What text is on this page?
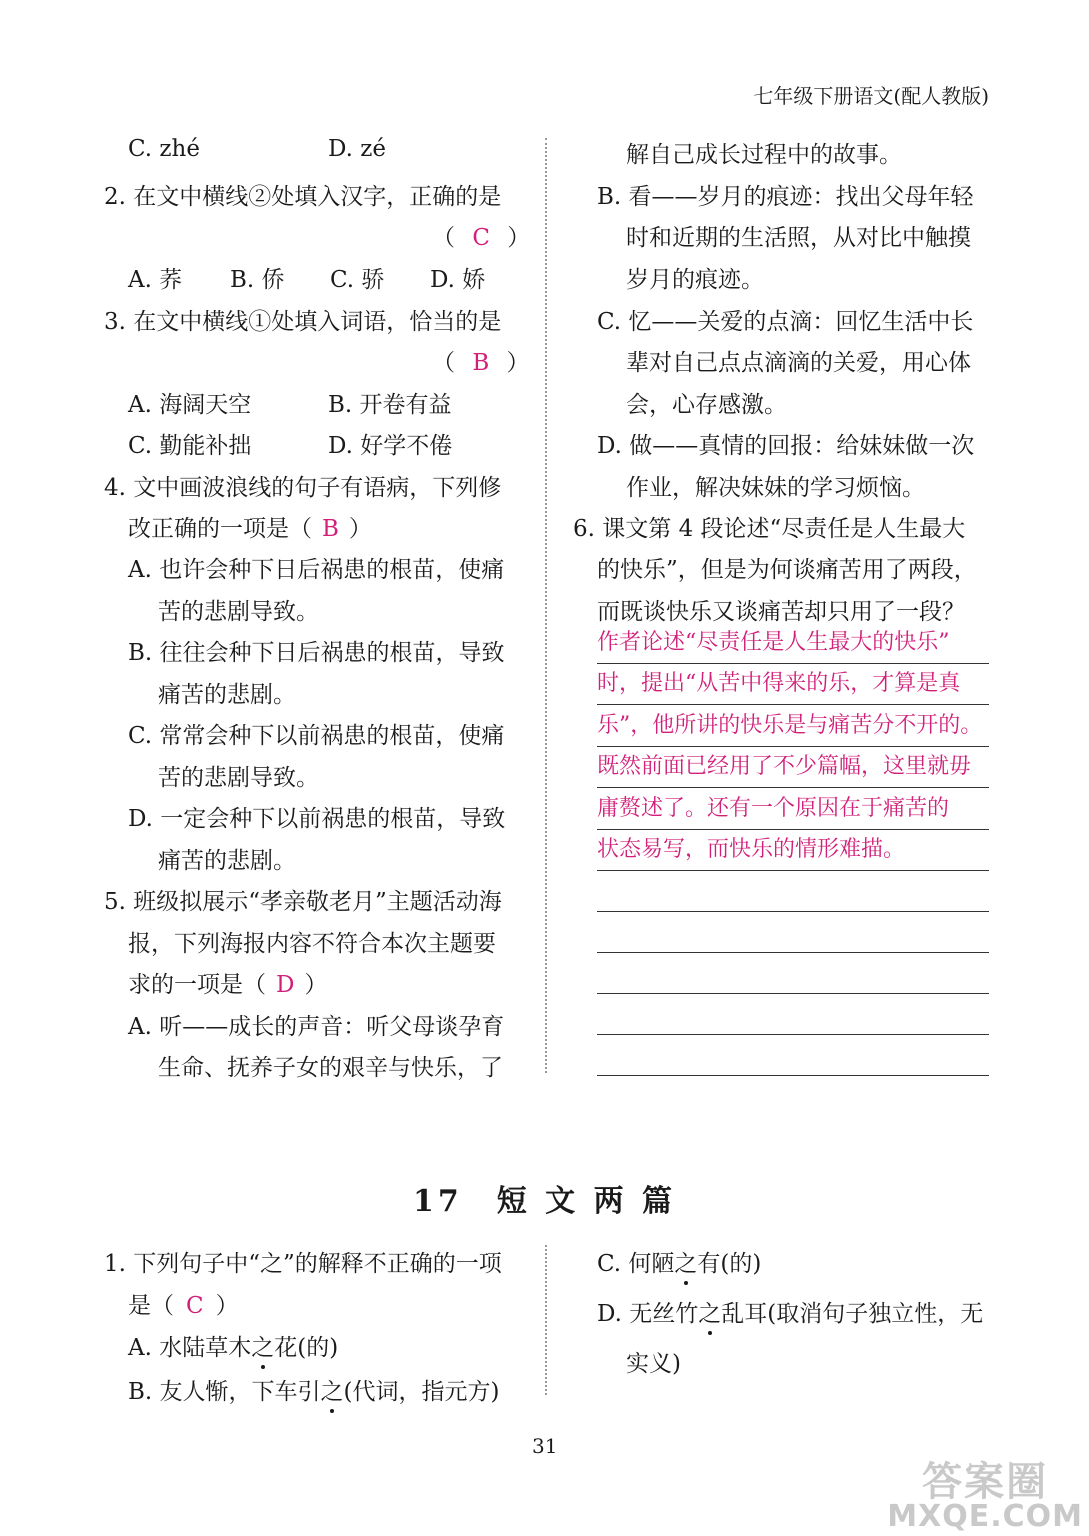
七年级下册语文(配人教版)
C. zhé	D. zé
2. 在文中横线②处填入汉字，正确的是
（ C ）
A. 荞 B. 侨 C. 骄 D. 娇
3. 在文中横线①处填入词语，恰当的是
（ B ）
A. 海阔天空	B. 开卷有益
C. 勤能补拙	D. 好学不倦
4. 文中画波浪线的句子有语病，下列修
改正确的一项是（ B ）
A. 也许会种下日后祸患的根苗，使痛
苦的悲剧导致。
B. 往往会种下日后祸患的根苗，导致
痛苦的悲剧。
C. 常常会种下以前祸患的根苗，使痛
苦的悲剧导致。
D. 一定会种下以前祸患的根苗，导致
痛苦的悲剧。
5. 班级拟展示“孝亲敬老月”主题活动海
报，下列海报内容不符合本次主题要
求的一项是（ D ）
A. 听——成长的声音：听父母谈孕育
生命、抚养子女的艰辛与快乐，了
解自己成长过程中的故事。
B. 看——岁月的痕迹：找出父母年轻
时和近期的生活照，从对比中触摸
岁月的痕迹。
C. 忆——关爱的点滴：回忆生活中长
辈对自己点点滴滴的关爱，用心体
会，心存感激。
D. 做——真情的回报：给妹妹做一次
作业，解决妹妹的学习烦恼。
6. 课文第 4 段论述“尽责任是人生最大
的快乐”，但是为何谈痛苦用了两段，
而既谈快乐又谈痛苦却只用了一段？
作者论述“尽责任是人生最大的快乐”
时，提出“从苦中得来的乐，才算是真
乐”，他所讲的快乐是与痛苦分不开的。
既然前面已经用了不少篇幅，这里就毋
庸赘述了。还有一个原因在于痛苦的
状态易写，而快乐的情形难描。
17　短 文 两 篇
1. 下列句子中“之”的解释不正确的一项
是（ C ）
A. 水陆草木之花(的)
B. 友人惭，下车引之(代词，指元方)
C. 何陋之有(的)
D. 无丝竹之乱耳(取消句子独立性，无
实义)
31
答案圈
MXQE.COM
